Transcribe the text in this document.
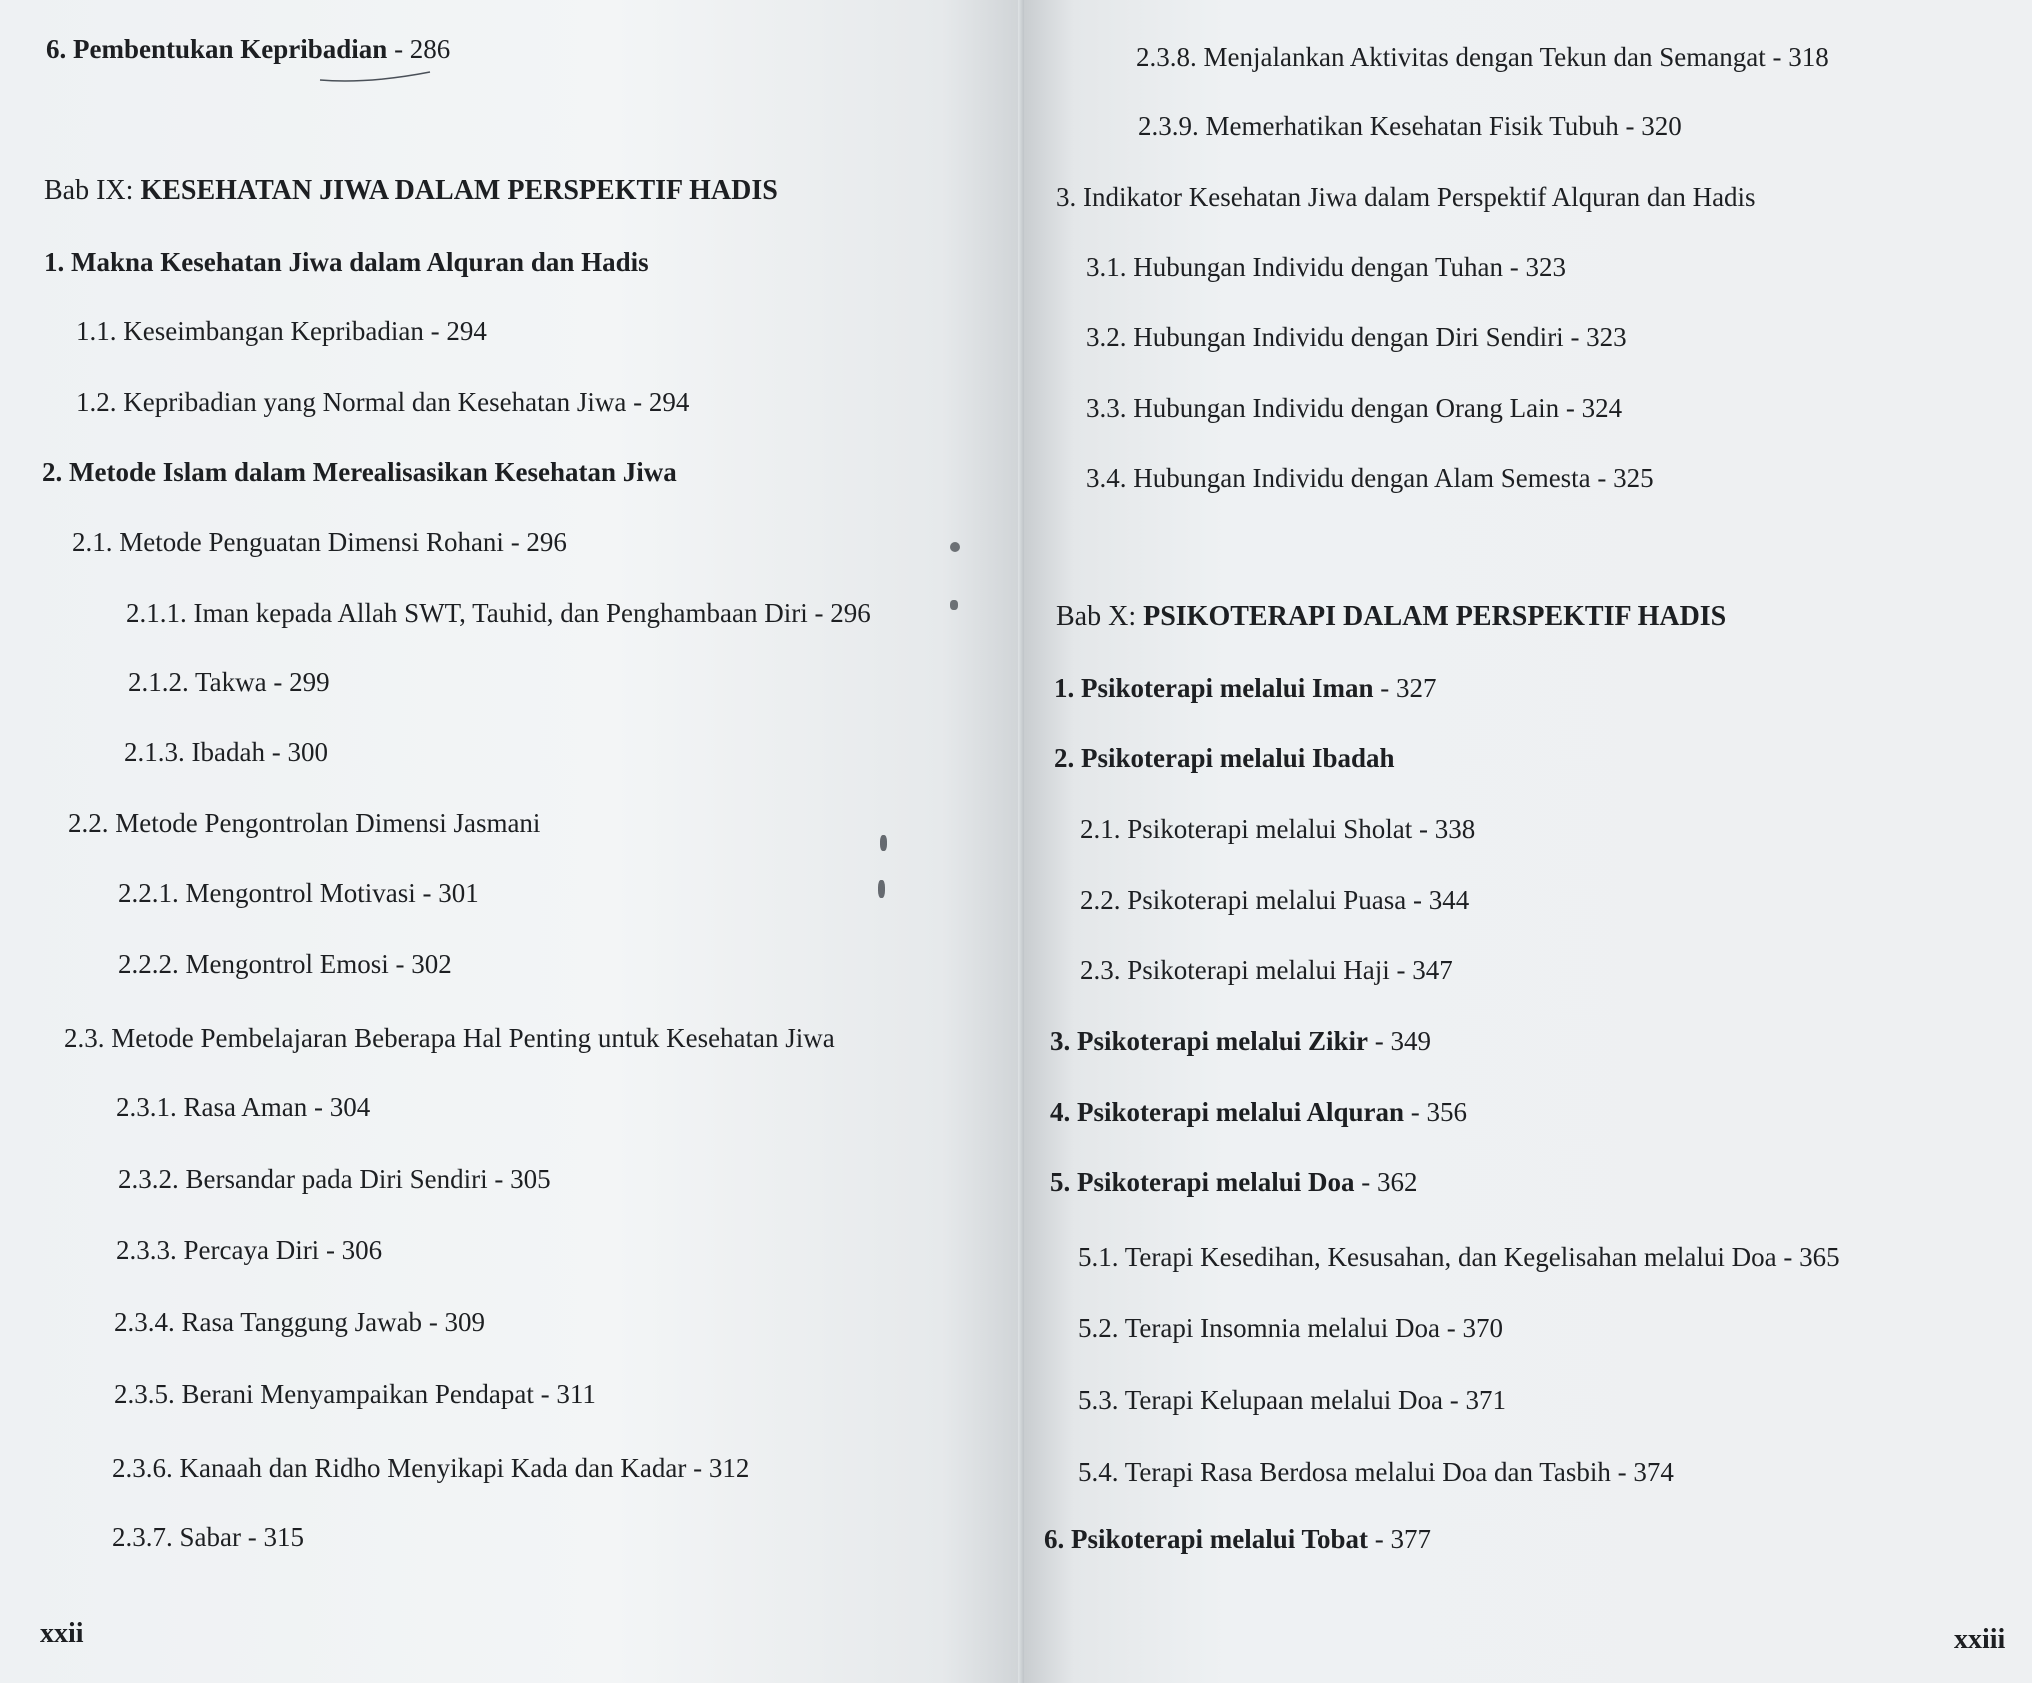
6. Pembentukan Kepribadian - 286
Bab IX: KESEHATAN JIWA DALAM PERSPEKTIF HADIS
1. Makna Kesehatan Jiwa dalam Alquran dan Hadis
1.1. Keseimbangan Kepribadian - 294
1.2. Kepribadian yang Normal dan Kesehatan Jiwa - 294
2. Metode Islam dalam Merealisasikan Kesehatan Jiwa
2.1. Metode Penguatan Dimensi Rohani - 296
2.1.1. Iman kepada Allah SWT, Tauhid, dan Penghambaan Diri - 296
2.1.2. Takwa - 299
2.1.3. Ibadah - 300
2.2. Metode Pengontrolan Dimensi Jasmani
2.2.1. Mengontrol Motivasi - 301
2.2.2. Mengontrol Emosi - 302
2.3. Metode Pembelajaran Beberapa Hal Penting untuk Kesehatan Jiwa
2.3.1. Rasa Aman - 304
2.3.2. Bersandar pada Diri Sendiri - 305
2.3.3. Percaya Diri - 306
2.3.4. Rasa Tanggung Jawab - 309
2.3.5. Berani Menyampaikan Pendapat - 311
2.3.6. Kanaah dan Ridho Menyikapi Kada dan Kadar - 312
2.3.7. Sabar - 315
xxii
2.3.8. Menjalankan Aktivitas dengan Tekun dan Semangat - 318
2.3.9. Memerhatikan Kesehatan Fisik Tubuh - 320
3. Indikator Kesehatan Jiwa dalam Perspektif Alquran dan Hadis
3.1. Hubungan Individu dengan Tuhan - 323
3.2. Hubungan Individu dengan Diri Sendiri - 323
3.3. Hubungan Individu dengan Orang Lain - 324
3.4. Hubungan Individu dengan Alam Semesta - 325
Bab X: PSIKOTERAPI DALAM PERSPEKTIF HADIS
1. Psikoterapi melalui Iman - 327
2. Psikoterapi melalui Ibadah
2.1. Psikoterapi melalui Sholat - 338
2.2. Psikoterapi melalui Puasa - 344
2.3. Psikoterapi melalui Haji - 347
3. Psikoterapi melalui Zikir - 349
4. Psikoterapi melalui Alquran - 356
5. Psikoterapi melalui Doa - 362
5.1. Terapi Kesedihan, Kesusahan, dan Kegelisahan melalui Doa - 365
5.2. Terapi Insomnia melalui Doa - 370
5.3. Terapi Kelupaan melalui Doa - 371
5.4. Terapi Rasa Berdosa melalui Doa dan Tasbih - 374
6. Psikoterapi melalui Tobat - 377
xxiii
